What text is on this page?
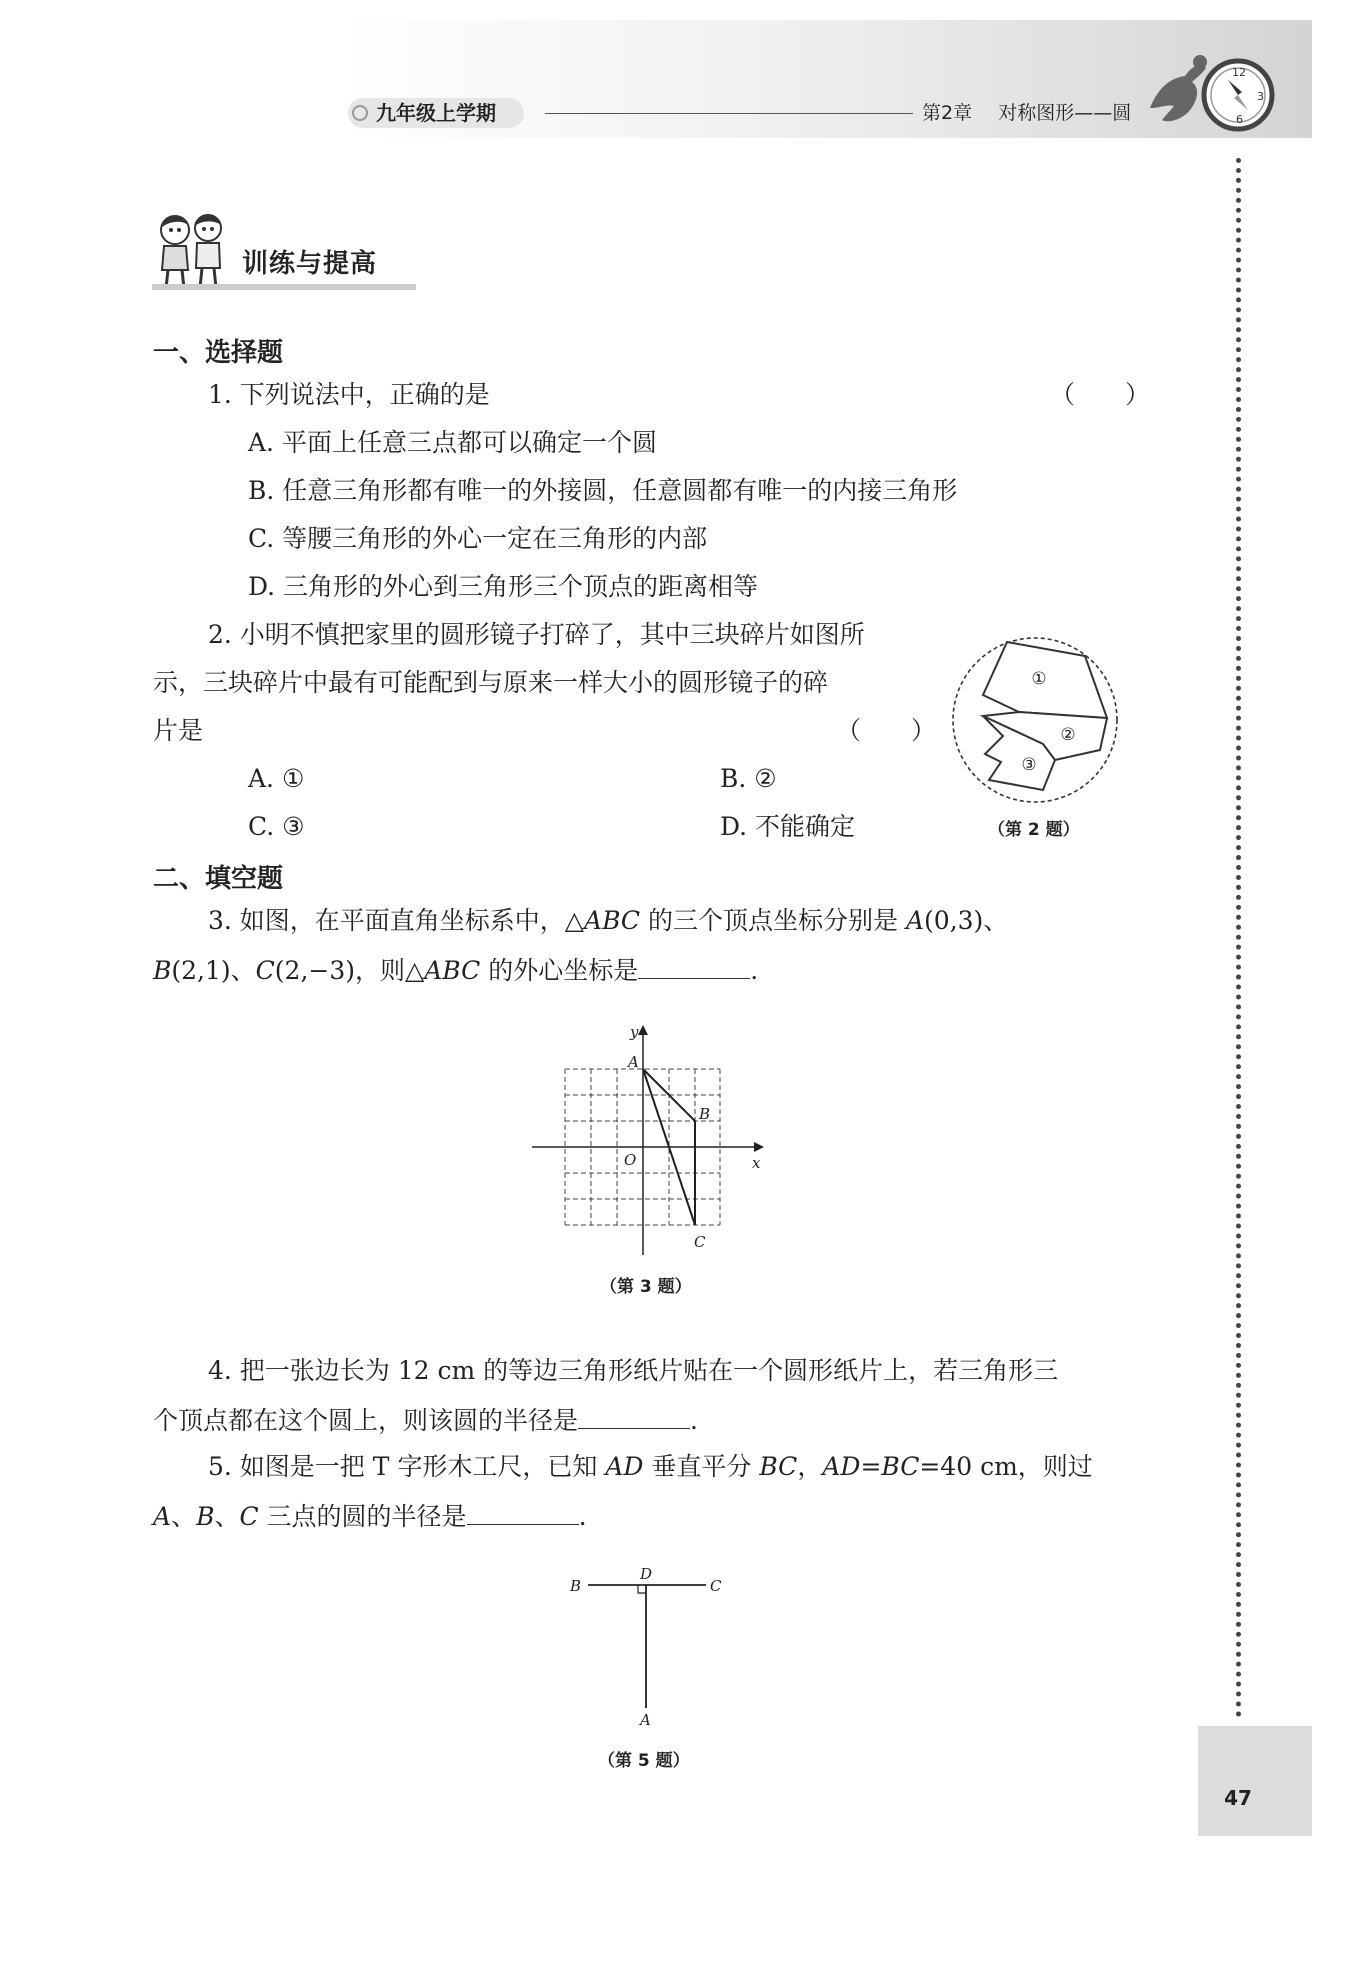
九年级上学期	第2章 对称图形——圆
12
3
6
47
训练与提高
一、选择题
1. 下列说法中，正确的是	（　　）
A. 平面上任意三点都可以确定一个圆
B. 任意三角形都有唯一的外接圆，任意圆都有唯一的内接三角形
C. 等腰三角形的外心一定在三角形的内部
D. 三角形的外心到三角形三个顶点的距离相等
2. 小明不慎把家里的圆形镜子打碎了，其中三块碎片如图所
示，三块碎片中最有可能配到与原来一样大小的圆形镜子的碎
片是	（　　）
A. ①	B. ②
C. ③	D. 不能确定
①
②
③
（第 2 题）
二、填空题
3. 如图，在平面直角坐标系中，△ABC 的三个顶点坐标分别是 A(0,3)、
B(2,1)、C(2,−3)，则△ABC 的外心坐标是	.
y
x
O
A
B
C
（第 3 题）
4. 把一张边长为 12 cm 的等边三角形纸片贴在一个圆形纸片上，若三角形三
个顶点都在这个圆上，则该圆的半径是	.
5. 如图是一把 T 字形木工尺，已知 AD 垂直平分 BC，AD=BC=40 cm，则过
A、B、C 三点的圆的半径是	.
B	C
D
A
（第 5 题）
